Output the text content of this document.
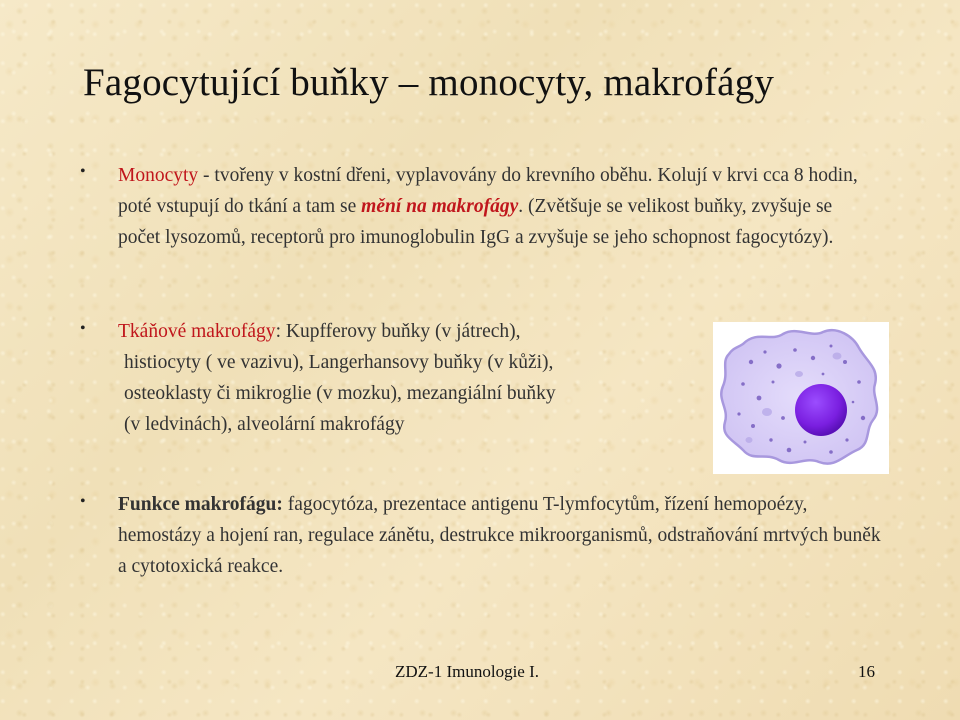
Fagocytující buňky – monocyty, makrofágy
• Monocyty - tvořeny v kostní dřeni, vyplavovány do krevního oběhu. Kolují v krvi cca 8 hodin, poté vstupují do tkání a tam se mění na makrofágy. (Zvětšuje se velikost buňky, zvyšuje se počet lysozomů, receptorů pro imunoglobulin IgG a zvyšuje se jeho schopnost fagocytózy).

• Tkáňové makrofágy: Kupfferovy buňky (v játrech),
histiocyty ( ve vazivu), Langerhansovy buňky (v kůži),
osteoklasty či mikroglie (v mozku), mezangiální buňky
(v ledvinách), alveolární makrofágy

• Funkce makrofágu: fagocytóza, prezentace antigenu T-lymfocytům, řízení hemopoézy, hemostázy a hojení ran, regulace zánětu, destrukce mikroorganismů, odstraňování mrtvých buněk a cytotoxická reakce.

ZDZ-1 Imunologie I.	16
